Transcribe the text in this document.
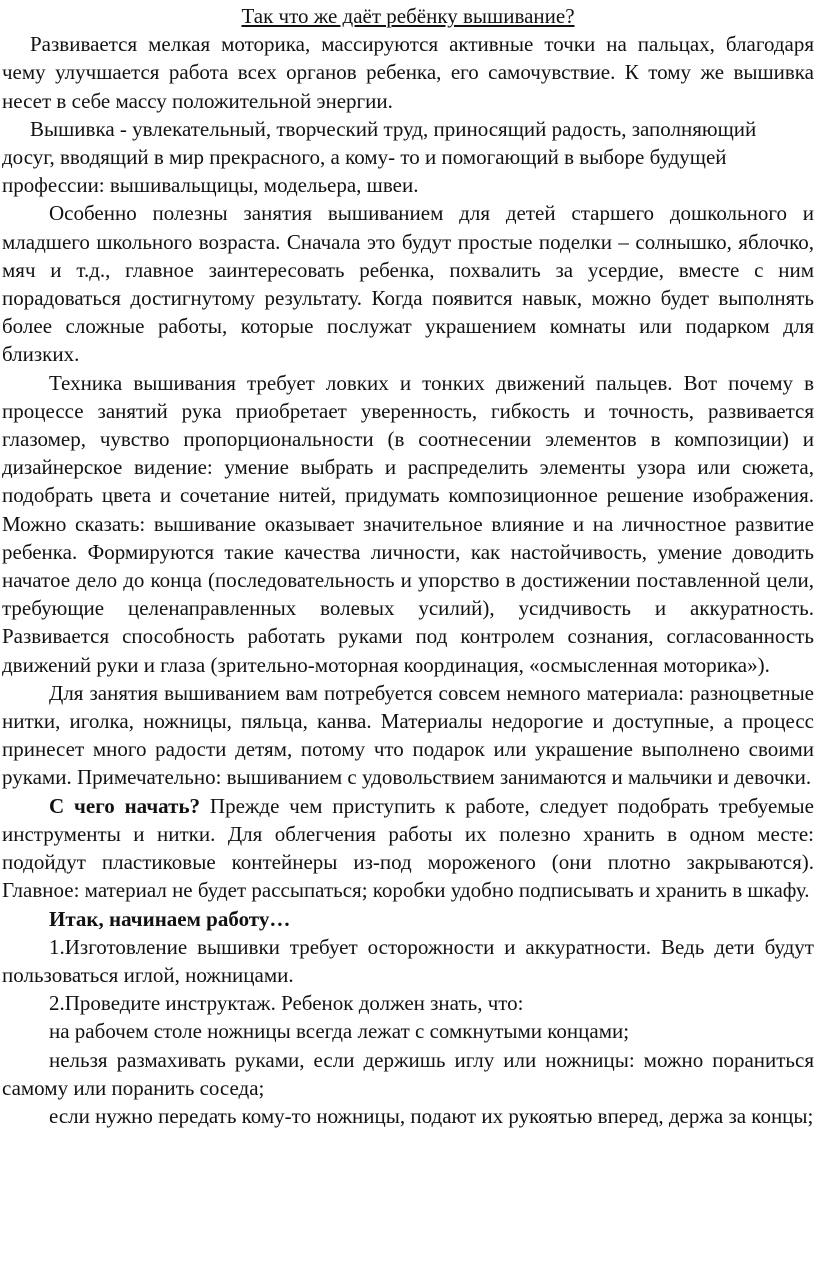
Так что же даёт ребёнку вышивание?

Развивается мелкая моторика, массируются активные точки на пальцах, благодаря чему улучшается работа всех органов ребенка, его самочувствие. К тому же вышивка несет в себе массу положительной энергии.

Вышивка - увлекательный, творческий труд, приносящий радость, заполняющий досуг, вводящий в мир прекрасного, а кому- то и помогающий в выборе будущей профессии: вышивальщицы, модельера, швеи.

Особенно полезны занятия вышиванием для детей старшего дошкольного и младшего школьного возраста. Сначала это будут простые поделки – солнышко, яблочко, мяч и т.д., главное заинтересовать ребенка, похвалить за усердие, вместе с ним порадоваться достигнутому результату. Когда появится навык, можно будет выполнять более сложные работы, которые послужат украшением комнаты или подарком для близких.

Техника вышивания требует ловких и тонких движений пальцев. Вот почему в процессе занятий рука приобретает уверенность, гибкость и точность, развивается глазомер, чувство пропорциональности (в соотнесении элементов в композиции) и дизайнерское видение: умение выбрать и распределить элементы узора или сюжета, подобрать цвета и сочетание нитей, придумать композиционное решение изображения. Можно сказать: вышивание оказывает значительное влияние и на личностное развитие ребенка. Формируются такие качества личности, как настойчивость, умение доводить начатое дело до конца (последовательность и упорство в достижении поставленной цели, требующие целенаправленных волевых усилий), усидчивость и аккуратность. Развивается способность работать руками под контролем сознания, согласованность движений руки и глаза (зрительно-моторная координация, «осмысленная моторика»).

Для занятия вышиванием вам потребуется совсем немного материала: разноцветные нитки, иголка, ножницы, пяльца, канва. Материалы недорогие и доступные, а процесс принесет много радости детям, потому что подарок или украшение выполнено своими руками. Примечательно: вышиванием с удовольствием занимаются и мальчики и девочки.

С чего начать? Прежде чем приступить к работе, следует подобрать требуемые инструменты и нитки. Для облегчения работы их полезно хранить в одном месте: подойдут пластиковые контейнеры из-под мороженого (они плотно закрываются). Главное: материал не будет рассыпаться; коробки удобно подписывать и хранить в шкафу.

Итак, начинаем работу…

1.Изготовление вышивки требует осторожности и аккуратности. Ведь дети будут пользоваться иглой, ножницами.

2.Проведите инструктаж. Ребенок должен знать, что:

на рабочем столе ножницы всегда лежат с сомкнутыми концами;

нельзя размахивать руками, если держишь иглу или ножницы: можно пораниться самому или поранить соседа;

если нужно передать кому-то ножницы, подают их рукоятью вперед, держа за концы;
